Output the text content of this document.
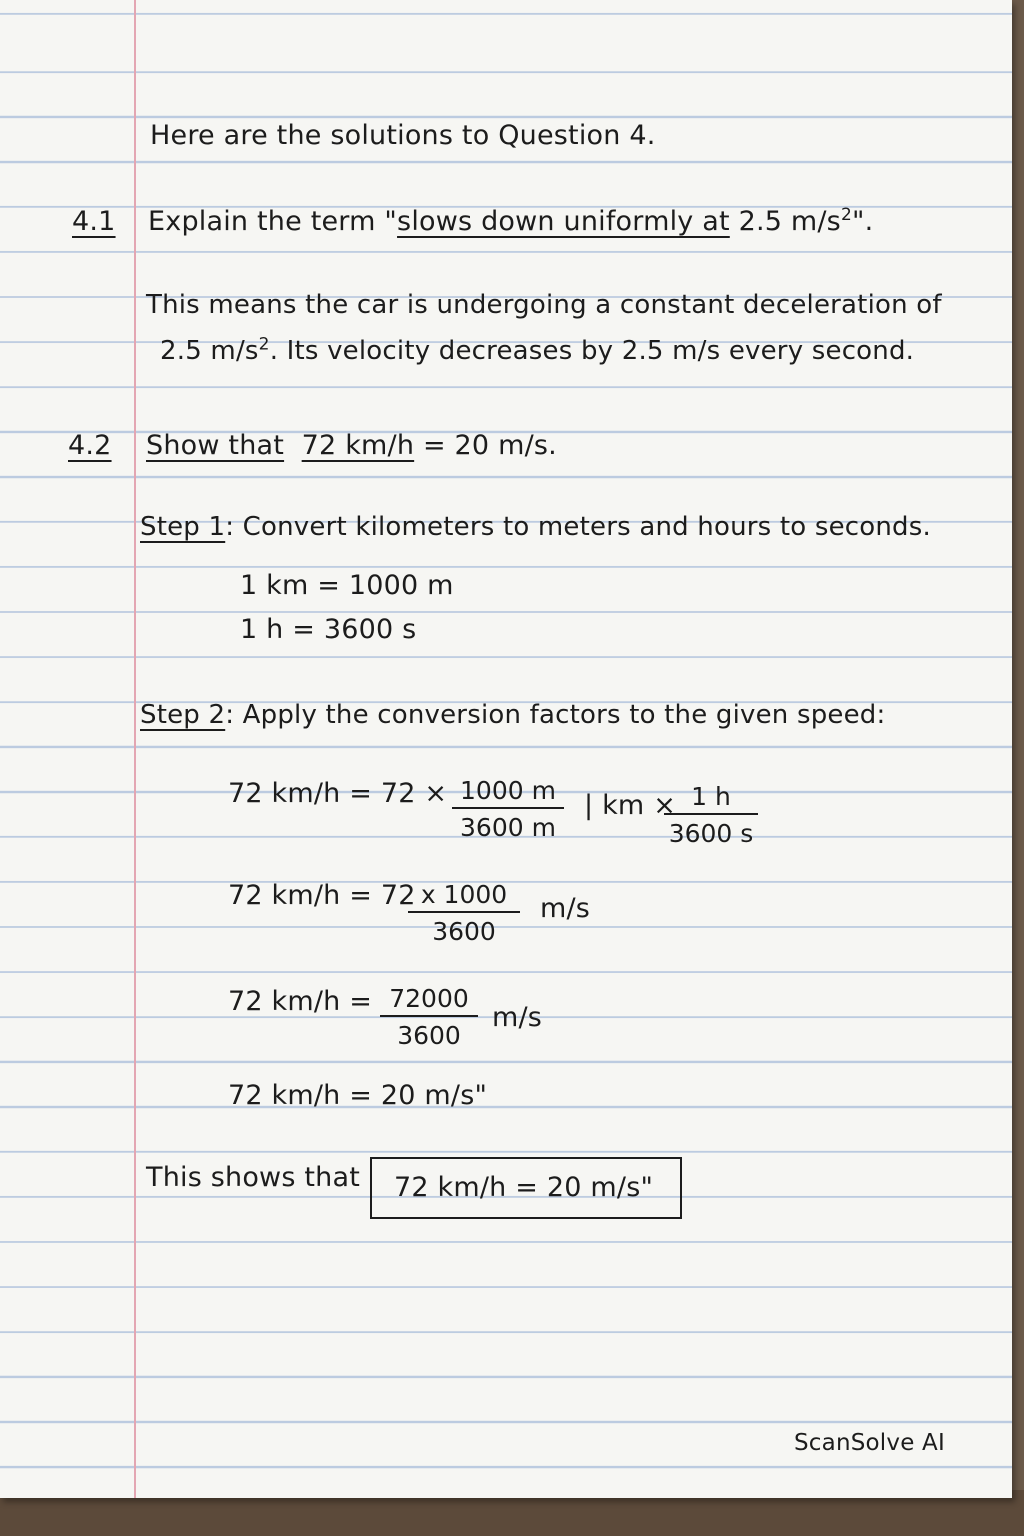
Here are the solutions to Question 4.
4.1 Explain the term "slows down uniformly at 2.5 $m/s^2$".
This means the car is undergoing a constant deceleration of
2.5 $m/s^2$. Its velocity decreases by 2.5 m/s every second.
4.2 Show that 72 km/h = 20 m/s.
Step 1: Convert kilometers to meters and hours to seconds.
1 km = 1000 m
1 h = 3600 s
Step 2: Apply the conversion factors to the given speed:
72 $km/h = 72 \times \frac{1000 m}{3600 m}$ | km ×
$\frac{1 h}{3600 s}$
72 km/h = 72
$\frac{x 1000}{3600} m/s$
72 $km/h = \frac{72000}{3600} m/s$
72 km/h = 20 m/s"
This shows that 72 km/h = 20 m/s"
ScanSolve AI
